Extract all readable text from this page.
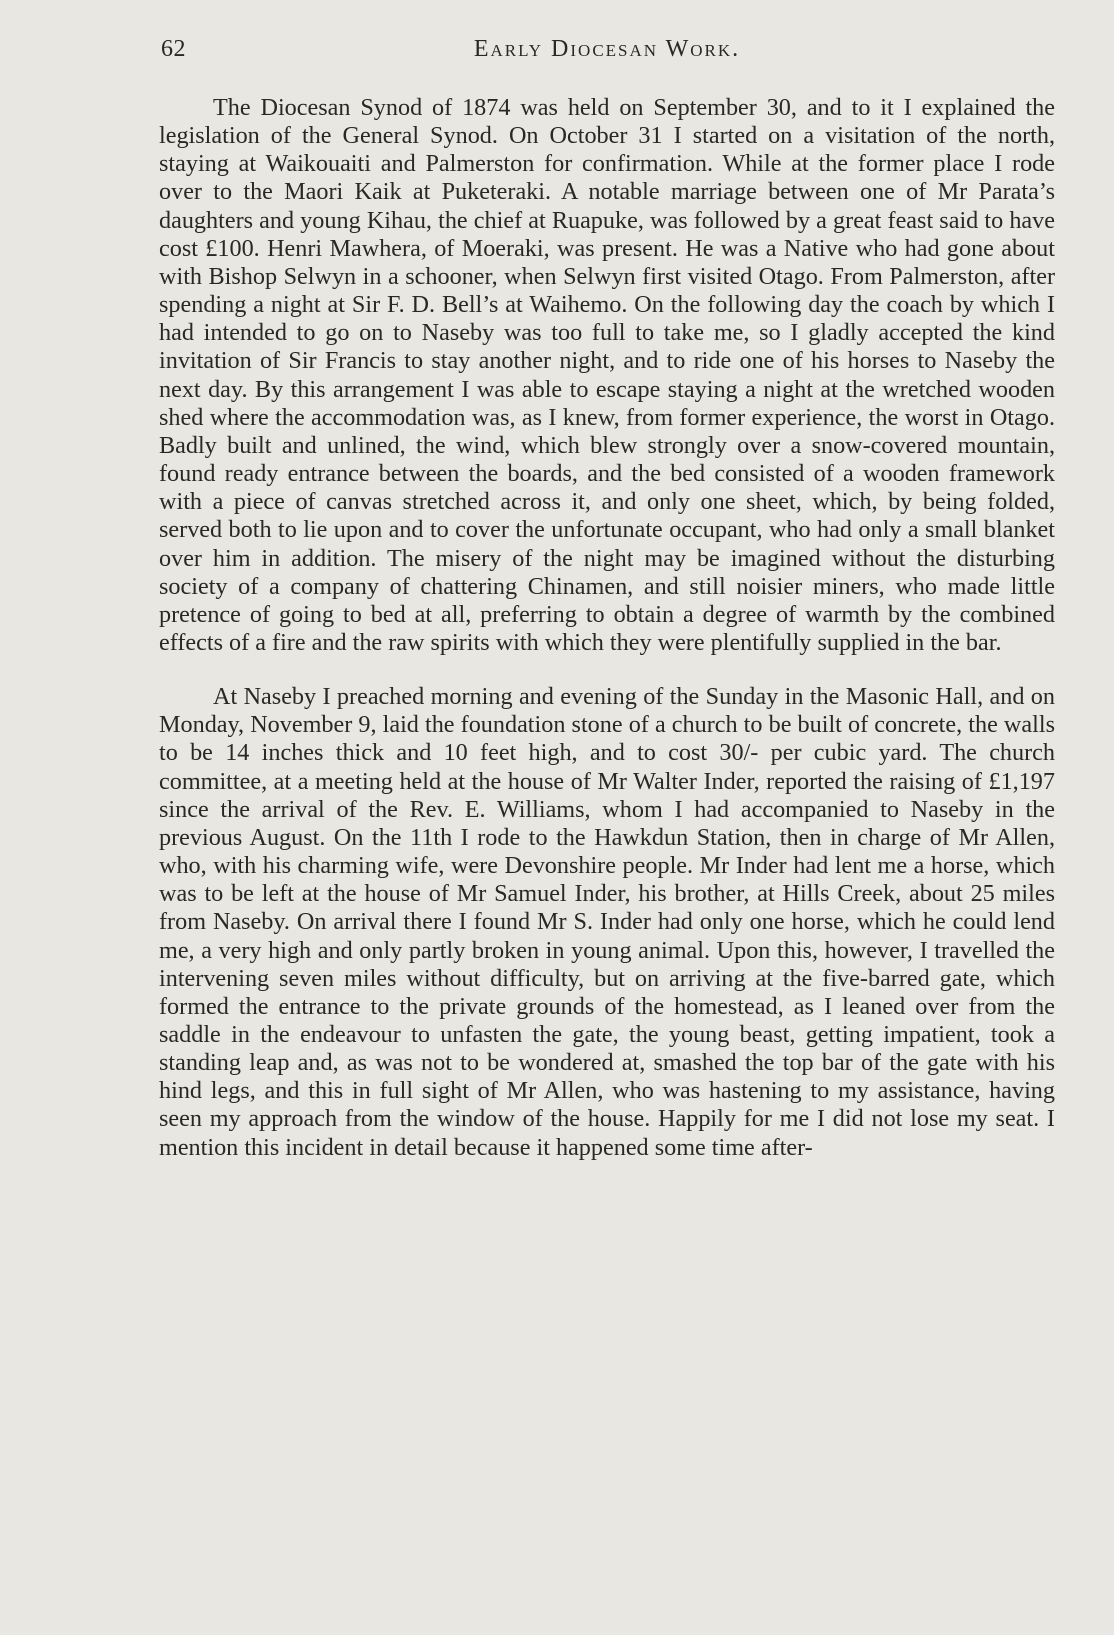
62	Early Diocesan Work.

The Diocesan Synod of 1874 was held on September 30, and to it I explained the legislation of the General Synod. On October 31 I started on a visitation of the north, staying at Waikouaiti and Palmerston for confirmation. While at the former place I rode over to the Maori Kaik at Puketeraki. A notable marriage between one of Mr Parata’s daughters and young Kihau, the chief at Ruapuke, was followed by a great feast said to have cost £100. Henri Mawhera, of Moeraki, was present. He was a Native who had gone about with Bishop Selwyn in a schooner, when Selwyn first visited Otago. From Palmerston, after spending a night at Sir F. D. Bell’s at Waihemo. On the following day the coach by which I had intended to go on to Naseby was too full to take me, so I gladly accepted the kind invitation of Sir Francis to stay another night, and to ride one of his horses to Naseby the next day. By this arrangement I was able to escape staying a night at the wretched wooden shed where the accommodation was, as I knew, from former experience, the worst in Otago. Badly built and unlined, the wind, which blew strongly over a snow-covered mountain, found ready entrance between the boards, and the bed consisted of a wooden framework with a piece of canvas stretched across it, and only one sheet, which, by being folded, served both to lie upon and to cover the unfortunate occupant, who had only a small blanket over him in addition. The misery of the night may be imagined without the disturbing society of a company of chattering Chinamen, and still noisier miners, who made little pretence of going to bed at all, preferring to obtain a degree of warmth by the combined effects of a fire and the raw spirits with which they were plentifully supplied in the bar.

At Naseby I preached morning and evening of the Sunday in the Masonic Hall, and on Monday, November 9, laid the foundation stone of a church to be built of concrete, the walls to be 14 inches thick and 10 feet high, and to cost 30/- per cubic yard. The church committee, at a meeting held at the house of Mr Walter Inder, reported the raising of £1,197 since the arrival of the Rev. E. Williams, whom I had accompanied to Naseby in the previous August. On the 11th I rode to the Hawkdun Station, then in charge of Mr Allen, who, with his charming wife, were Devonshire people. Mr Inder had lent me a horse, which was to be left at the house of Mr Samuel Inder, his brother, at Hills Creek, about 25 miles from Naseby. On arrival there I found Mr S. Inder had only one horse, which he could lend me, a very high and only partly broken in young animal. Upon this, however, I travelled the intervening seven miles without difficulty, but on arriving at the five-barred gate, which formed the entrance to the private grounds of the homestead, as I leaned over from the saddle in the endeavour to unfasten the gate, the young beast, getting impatient, took a standing leap and, as was not to be wondered at, smashed the top bar of the gate with his hind legs, and this in full sight of Mr Allen, who was hastening to my assistance, having seen my approach from the window of the house. Happily for me I did not lose my seat. I mention this incident in detail because it happened some time after-
